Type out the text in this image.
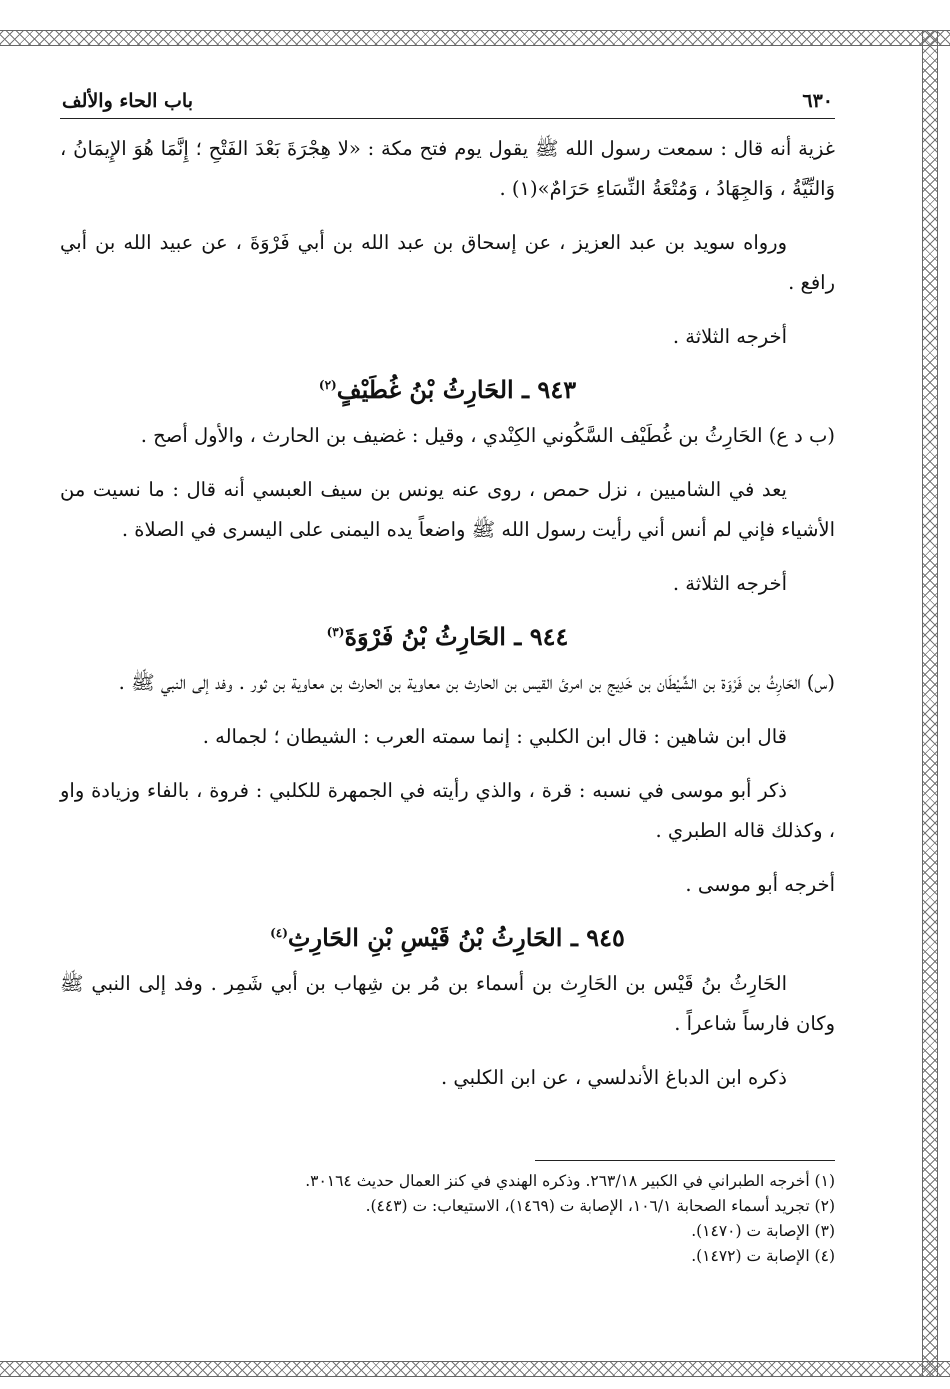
٦٣٠
باب الحاء والألف

غزية أنه قال : سمعت رسول الله ﷺ يقول يوم فتح مكة : «لا هِجْرَةَ بَعْدَ الفَتْحِ ؛ إِنَّمَا هُوَ الإِيمَانُ ، وَالنِّيَّةُ ، وَالجِهَادُ ، وَمُتْعَةُ النِّسَاءِ حَرَامٌ»(١) .

ورواه سويد بن عبد العزيز ، عن إسحاق بن عبد الله بن أبي فَرْوَةَ ، عن عبيد الله بن أبي رافع .

أخرجه الثلاثة .

٩٤٣ ـ الحَارِثُ بْنُ غُطَيْفٍ$^{(٢)}$

(ب د ع) الحَارِثُ بن غُطَيْف السَّكُوني الكِنْدي ، وقيل : غضيف بن الحارث ، والأول أصح .

يعد في الشاميين ، نزل حمص ، روى عنه يونس بن سيف العبسي أنه قال : ما نسيت من الأشياء فإني لم أنس أني رأيت رسول الله ﷺ واضعاً يده اليمنى على اليسرى في الصلاة .

أخرجه الثلاثة .

٩٤٤ ـ الحَارِثُ بْنُ فَرْوَةَ$^{(٣)}$

(س) الحَارِثُ بن فَرْوَة بن الشِّيْطَان بن خَدِيج بن امرئ القيس بن الحارث بن معاوية بن الحارث بن معاوية بن ثور . وفد إلى النبي ﷺ .

قال ابن شاهين : قال ابن الكلبي : إنما سمته العرب : الشيطان ؛ لجماله .

ذكر أبو موسى في نسبه : قرة ، والذي رأيته في الجمهرة للكلبي : فروة ، بالفاء وزيادة واو ، وكذلك قاله الطبري .

أخرجه أبو موسى .

٩٤٥ ـ الحَارِثُ بْنُ قَيْسِ بْنِ الحَارِثِ$^{(٤)}$

الحَارِثُ بنُ قَيْس بن الحَارِث بن أسماء بن مُر بن شِهاب بن أبي شَمِر . وفد إلى النبي ﷺ وكان فارساً شاعراً .

ذكره ابن الدباغ الأندلسي ، عن ابن الكلبي .

(١) أخرجه الطبراني في الكبير ٢٦٣/١٨. وذكره الهندي في كنز العمال حديث ٣٠١٦٤.

(٢) تجريد أسماء الصحابة ١٠٦/١، الإصابة ت (١٤٦٩)، الاستيعاب: ت (٤٤٣).

(٣) الإصابة ت (١٤٧٠).

(٤) الإصابة ت (١٤٧٢).
